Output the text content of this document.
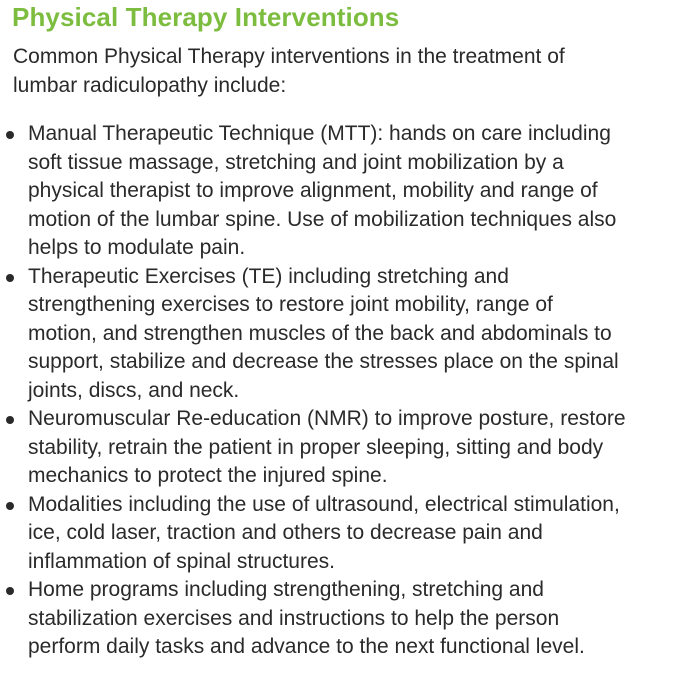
Physical Therapy Interventions
Common Physical Therapy interventions in the treatment of
lumbar radiculopathy include:
Manual Therapeutic Technique (MTT): hands on care including
soft tissue massage, stretching and joint mobilization by a
physical therapist to improve alignment, mobility and range of
motion of the lumbar spine. Use of mobilization techniques also
helps to modulate pain.
Therapeutic Exercises (TE) including stretching and
strengthening exercises to restore joint mobility, range of
motion, and strengthen muscles of the back and abdominals to
support, stabilize and decrease the stresses place on the spinal
joints, discs, and neck.
Neuromuscular Re-education (NMR) to improve posture, restore
stability, retrain the patient in proper sleeping, sitting and body
mechanics to protect the injured spine.
Modalities including the use of ultrasound, electrical stimulation,
ice, cold laser, traction and others to decrease pain and
inflammation of spinal structures.
Home programs including strengthening, stretching and
stabilization exercises and instructions to help the person
perform daily tasks and advance to the next functional level.
